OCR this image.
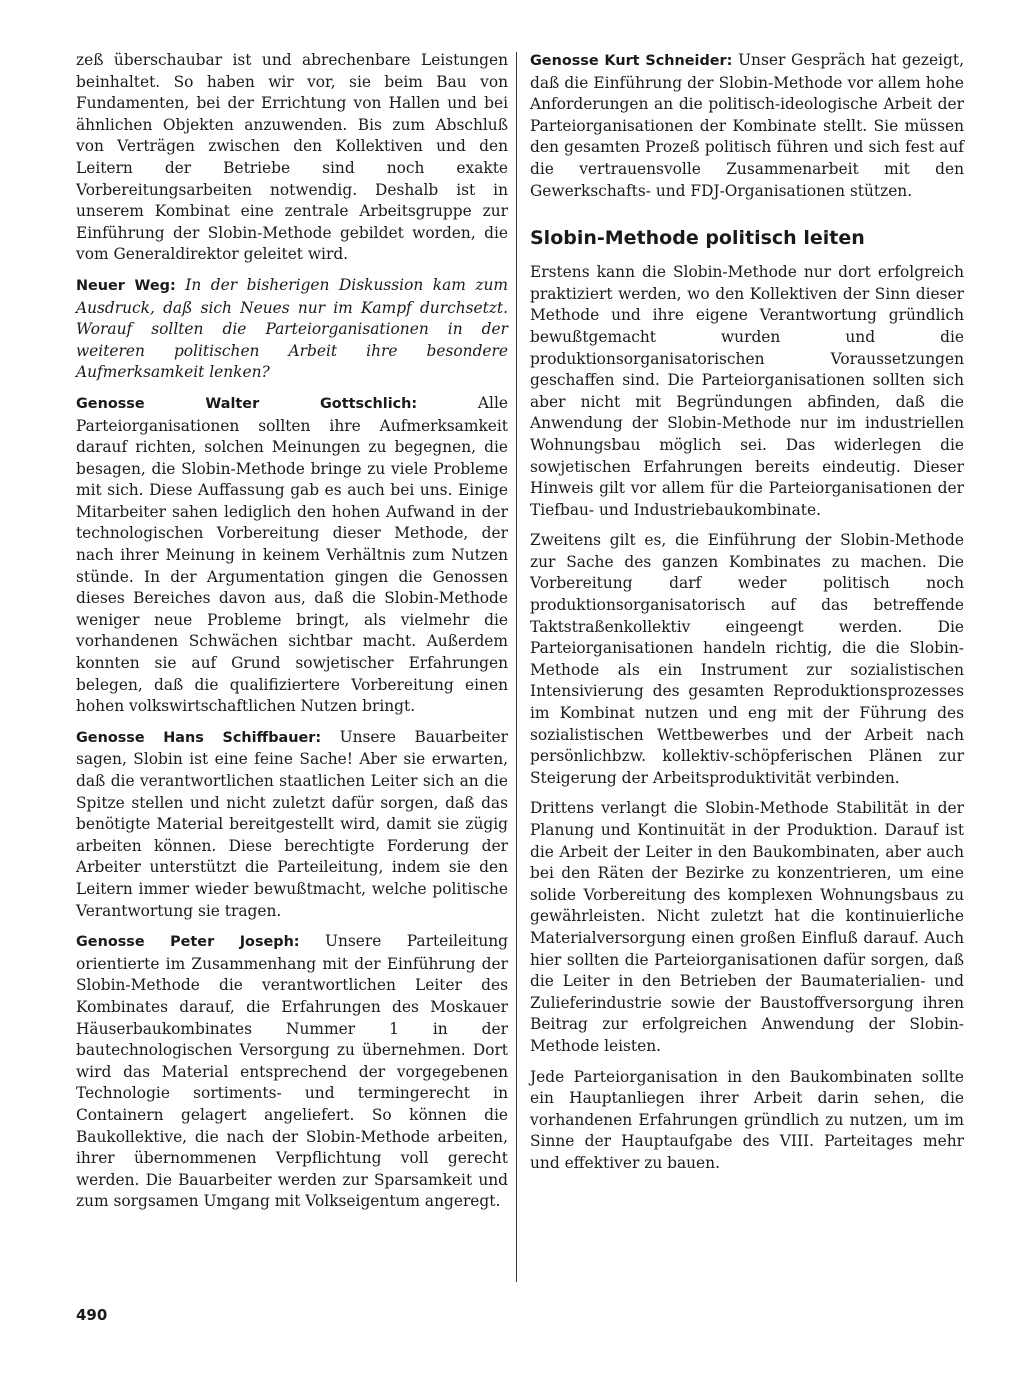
zeß überschaubar ist und abrechenbare Leistungen beinhaltet. So haben wir vor, sie beim Bau von Fundamenten, bei der Errichtung von Hallen und bei ähnlichen Objekten anzuwenden. Bis zum Abschluß von Verträgen zwischen den Kollektiven und den Leitern der Betriebe sind noch exakte Vorbereitungsarbeiten notwendig. Deshalb ist in unserem Kombinat eine zentrale Arbeitsgruppe zur Einführung der Slobin-Methode gebildet worden, die vom Generaldirektor geleitet wird.

Neuer Weg: In der bisherigen Diskussion kam zum Ausdruck, daß sich Neues nur im Kampf durchsetzt. Worauf sollten die Parteiorganisationen in der weiteren politischen Arbeit ihre besondere Aufmerksamkeit lenken?

Genosse Walter Gottschlich:	Alle Parteiorganisationen sollten ihre Aufmerksamkeit darauf richten, solchen Meinungen zu begegnen, die besagen, die Slobin-Methode bringe zu viele Probleme mit sich. Diese Auffassung gab es auch bei uns. Einige Mitarbeiter sahen lediglich den hohen Aufwand in der technologischen Vorbereitung dieser Methode, der nach ihrer Meinung in keinem Verhältnis zum Nutzen stünde. In der Argumentation gingen die Genossen dieses Bereiches davon aus, daß die Slobin-Methode weniger neue Probleme bringt, als vielmehr die vorhandenen Schwächen sichtbar macht. Außerdem konnten sie auf Grund sowjetischer Erfahrungen belegen, daß die qualifiziertere Vorbereitung einen hohen volkswirtschaftlichen Nutzen bringt.

Genosse Hans Schiffbauer: Unsere Bauarbeiter sagen, Slobin ist eine feine Sache! Aber sie erwarten, daß die verantwortlichen staatlichen Leiter sich an die Spitze stellen und nicht zuletzt dafür sorgen, daß das benötigte Material bereitgestellt wird, damit sie zügig arbeiten können. Diese berechtigte Forderung der Arbeiter unterstützt die Parteileitung, indem sie den Leitern immer wieder bewußtmacht, welche politische Verantwortung sie tragen.

Genosse Peter Joseph: Unsere Parteileitung orientierte im Zusammenhang mit der Einführung der Slobin-Methode die verantwortlichen Leiter des Kombinates darauf, die Erfahrungen des Moskauer Häuserbaukombinates Nummer 1 in der bautechnologischen Versorgung zu übernehmen. Dort wird das Material entsprechend der vorgegebenen Technologie sortiments- und termingerecht in Containern gelagert angeliefert. So können die Baukollektive, die nach der Slobin-Methode arbeiten, ihrer übernommenen Verpflichtung voll gerecht werden. Die Bauarbeiter werden zur Sparsamkeit und zum sorgsamen Umgang mit Volkseigentum angeregt.

Genosse Kurt Schneider: Unser Gespräch hat gezeigt, daß die Einführung der Slobin-Methode vor allem hohe Anforderungen an die politisch-ideologische Arbeit der Parteiorganisationen der Kombinate stellt. Sie müssen den gesamten Prozeß politisch führen und sich fest auf die vertrauensvolle Zusammenarbeit mit den Gewerkschafts- und FDJ-Organisationen stützen.

Slobin-Methode politisch leiten

Erstens kann die Slobin-Methode nur dort erfolgreich praktiziert werden, wo den Kollektiven der Sinn dieser Methode und ihre eigene Verantwortung gründlich bewußtgemacht wurden und die produktionsorganisatorischen Voraussetzungen geschaffen sind. Die Parteiorganisationen sollten sich aber nicht mit Begründungen abfinden, daß die Anwendung der Slobin-Methode nur im industriellen Wohnungsbau möglich sei. Das widerlegen die sowjetischen Erfahrungen bereits eindeutig. Dieser Hinweis gilt vor allem für die Parteiorganisationen der Tiefbau- und Industriebaukombinate.

Zweitens gilt es, die Einführung der Slobin-Methode zur Sache des ganzen Kombinates zu machen. Die Vorbereitung darf weder politisch noch produktionsorganisatorisch auf das betreffende Taktstraßenkollektiv eingeengt werden. Die Parteiorganisationen handeln richtig, die die Slobin-Methode als ein Instrument zur sozialistischen Intensivierung des gesamten Reproduktionsprozesses im Kombinat nutzen und eng mit der Führung des sozialistischen Wettbewerbes und der Arbeit nach persönlichbzw. kollektiv-schöpferischen Plänen zur Steigerung der Arbeitsproduktivität verbinden.

Drittens verlangt die Slobin-Methode Stabilität in der Planung und Kontinuität in der Produktion. Darauf ist die Arbeit der Leiter in den Baukombinaten, aber auch bei den Räten der Bezirke zu konzentrieren, um eine solide Vorbereitung des komplexen Wohnungsbaus zu gewährleisten. Nicht zuletzt hat die kontinuierliche Materialversorgung einen großen Einfluß darauf. Auch hier sollten die Parteiorganisationen dafür sorgen, daß die Leiter in den Betrieben der Baumaterialien- und Zulieferindustrie sowie der Baustoffversorgung ihren Beitrag zur erfolgreichen Anwendung der Slobin-Methode leisten.

Jede Parteiorganisation in den Baukombinaten sollte ein Hauptanliegen ihrer Arbeit darin sehen, die vorhandenen Erfahrungen gründlich zu nutzen, um im Sinne der Hauptaufgabe des VIII. Parteitages mehr und effektiver zu bauen.

490
